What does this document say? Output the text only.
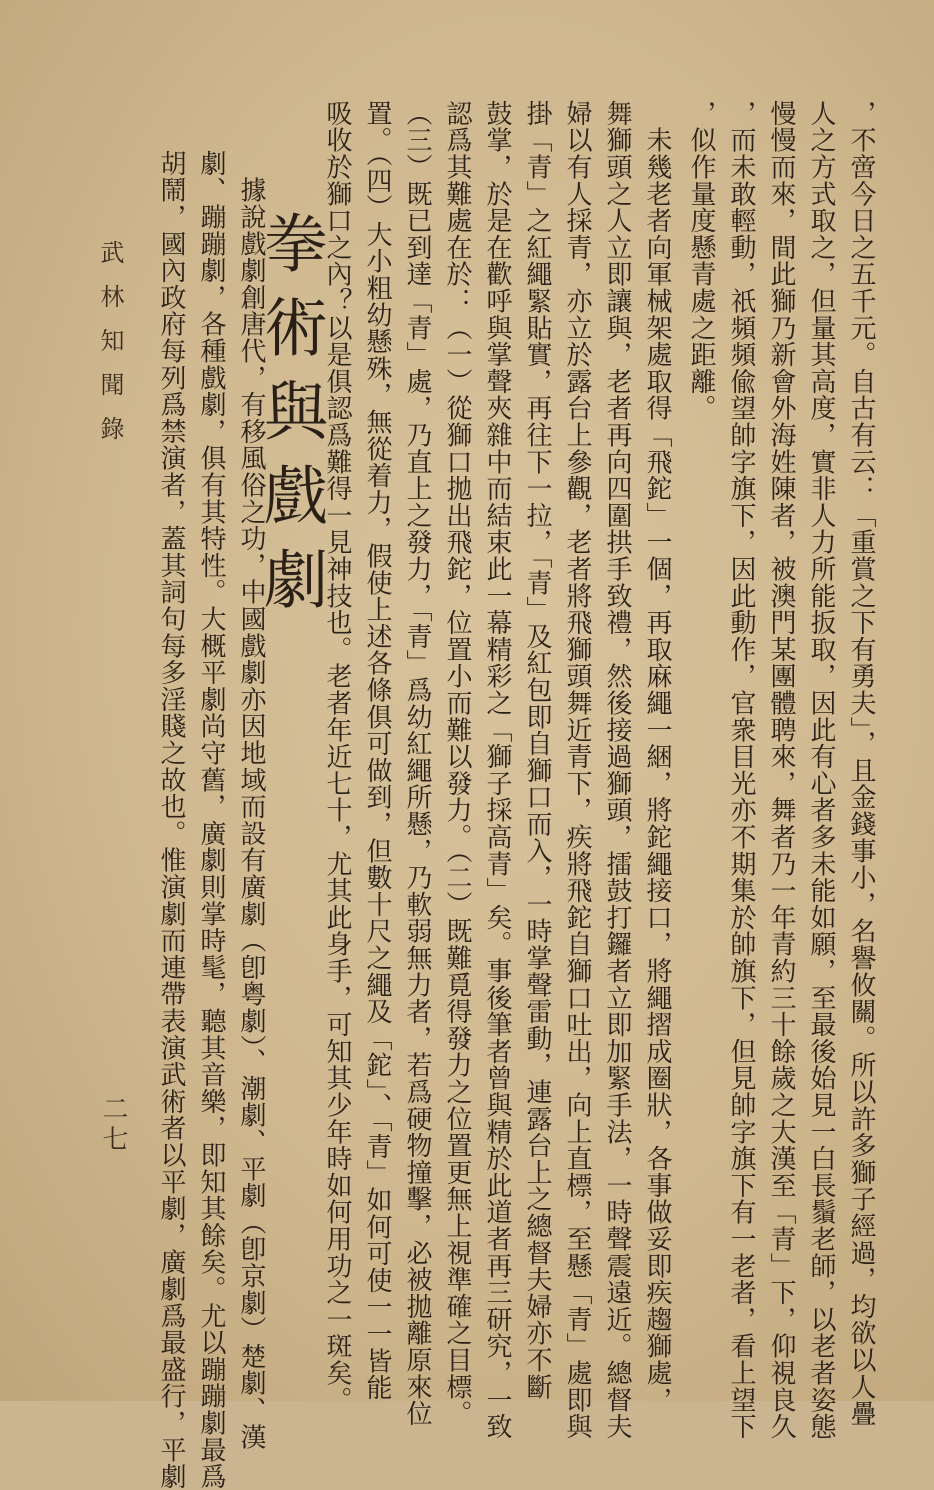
，不啻今日之五千元。自古有云：「重賞之下有勇夫」，且金錢事小，名譽攸關。所以許多獅子經過，均欲以人疊
人之方式取之，但量其高度，實非人力所能扳取，因此有心者多未能如願，至最後始見一白長鬚老師，以老者姿態
慢慢而來，間此獅乃新會外海姓陳者，被澳門某團體聘來，舞者乃一年青約三十餘歲之大漢至「青」下，仰視良久
，而未敢輕動，祇頻頻偸望帥字旗下，因此動作，官衆目光亦不期集於帥旗下，但見帥字旗下有一老者，看上望下
，似作量度懸青處之距離。
　未幾老者向軍械架處取得「飛鉈」一個，再取麻繩一綑，將鉈繩接口，將繩摺成圈狀，各事做妥即疾趨獅處，
舞獅頭之人立即讓與，老者再向四圍拱手致禮，然後接過獅頭，擂鼓打鑼者立即加緊手法，一時聲震遠近。總督夫
婦以有人採青，亦立於露台上參觀，老者將飛獅頭舞近青下，疾將飛鉈自獅口吐出，向上直標，至懸「青」處即與
掛「青」之紅繩緊貼實，再往下一拉，「青」及紅包即自獅口而入，一時掌聲雷動，連露台上之總督夫婦亦不斷
鼓掌，於是在歡呼與掌聲夾雜中而結束此一幕精彩之「獅子採高青」矣。事後筆者曾與精於此道者再三研究，一致
認爲其難處在於：（一）從獅口拋出飛鉈，位置小而難以發力。（二）既難覓得發力之位置更無上視準確之目標。
（三）既已到達「青」處，乃直上之發力，「青」爲幼紅繩所懸，乃軟弱無力者，若爲硬物撞擊，必被拋離原來位
置。（四）大小粗幼懸殊，無從着力，假使上述各條俱可做到，但數十尺之繩及「鉈」、「青」如何可使一一皆能
吸收於獅口之內？以是俱認爲難得一見神技也。老者年近七十，尤其此身手，可知其少年時如何用功之一斑矣。
拳術與戲劇
　據說戲劇創唐代，有移風俗之功，中國戲劇亦因地域而設有廣劇（卽粤劇）、潮劇、平劇（卽京劇）楚劇、漢
劇、蹦蹦劇，各種戲劇，俱有其特性。大概平劇尚守舊，廣劇則掌時髦，聽其音樂，即知其餘矣。尤以蹦蹦劇最爲
胡鬧，國內政府每列爲禁演者，蓋其詞句每多淫賤之故也。惟演劇而連帶表演武術者以平劇，廣劇爲最盛行，平劇
武林知聞錄
二七
